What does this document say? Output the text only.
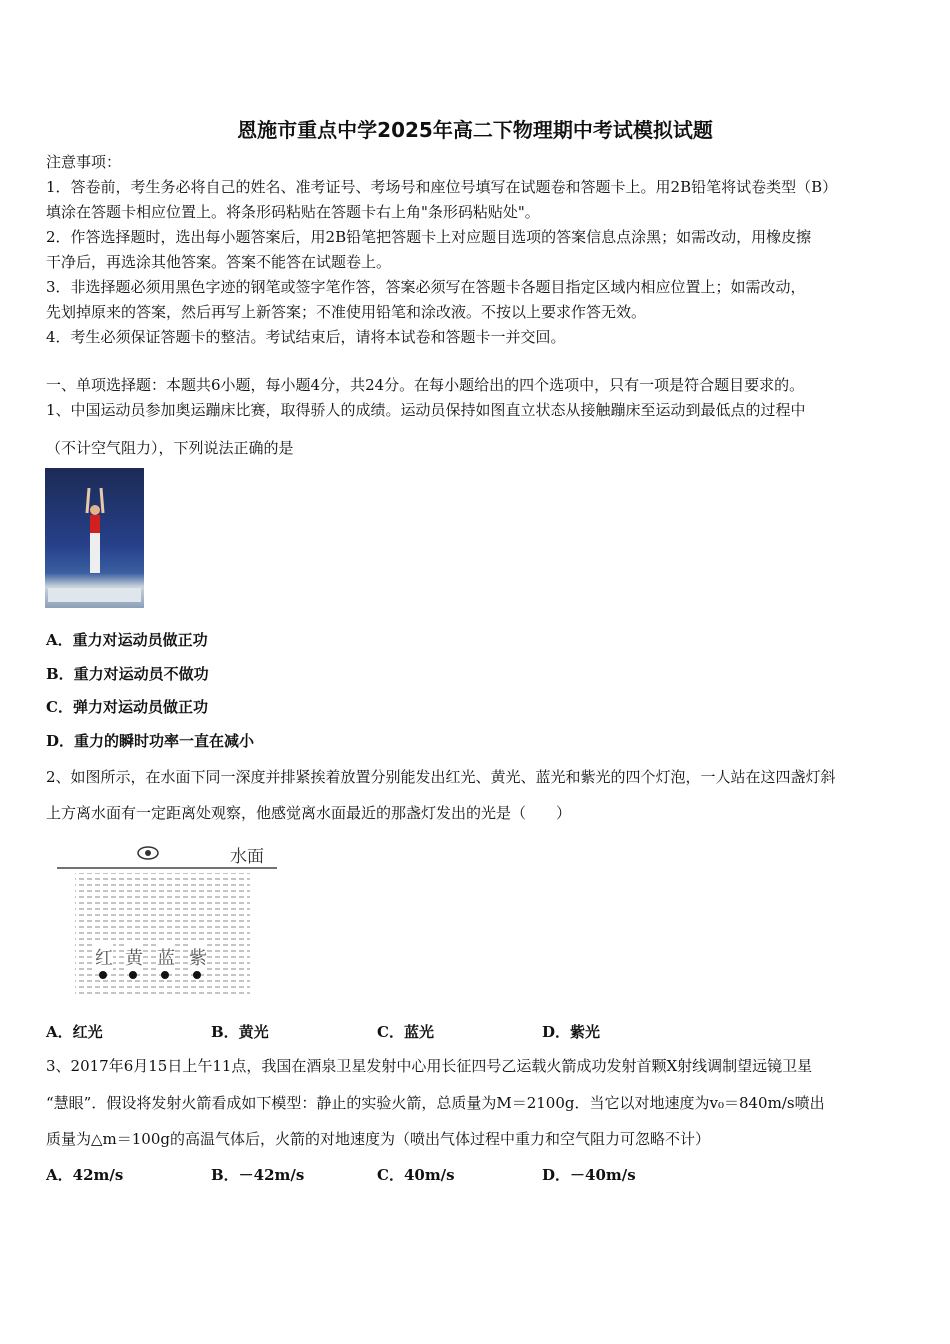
恩施市重点中学2025年高二下物理期中考试模拟试题
注意事项：
1．答卷前，考生务必将自己的姓名、准考证号、考场号和座位号填写在试题卷和答题卡上。用2B铅笔将试卷类型（B）
填涂在答题卡相应位置上。将条形码粘贴在答题卡右上角"条形码粘贴处"。
2．作答选择题时，选出每小题答案后，用2B铅笔把答题卡上对应题目选项的答案信息点涂黑；如需改动，用橡皮擦
干净后，再选涂其他答案。答案不能答在试题卷上。
3．非选择题必须用黑色字迹的钢笔或签字笔作答，答案必须写在答题卡各题目指定区域内相应位置上；如需改动，
先划掉原来的答案，然后再写上新答案；不准使用铅笔和涂改液。不按以上要求作答无效。
4．考生必须保证答题卡的整洁。考试结束后，请将本试卷和答题卡一并交回。
一、单项选择题：本题共6小题，每小题4分，共24分。在每小题给出的四个选项中，只有一项是符合题目要求的。
1、中国运动员参加奥运蹦床比赛，取得骄人的成绩。运动员保持如图直立状态从接触蹦床至运动到最低点的过程中
（不计空气阻力），下列说法正确的是
A．重力对运动员做正功
B．重力对运动员不做功
C．弹力对运动员做正功
D．重力的瞬时功率一直在减小
2、如图所示，在水面下同一深度并排紧挨着放置分别能发出红光、黄光、蓝光和紫光的四个灯泡，一人站在这四盏灯斜
上方离水面有一定距离处观察，他感觉离水面最近的那盏灯发出的光是（　　）
水面
红 黄 蓝 紫
A．红光	B．黄光	C．蓝光	D．紫光
3、2017年6月15日上午11点，我国在酒泉卫星发射中心用长征四号乙运载火箭成功发射首颗X射线调制望远镜卫星
“慧眼”．假设将发射火箭看成如下模型：静止的实验火箭，总质量为M＝2100g．当它以对地速度为v₀＝840m/s喷出
质量为△m＝100g的高温气体后，火箭的对地速度为（喷出气体过程中重力和空气阻力可忽略不计）
A．42m/s	B．－42m/s	C．40m/s	D．－40m/s
